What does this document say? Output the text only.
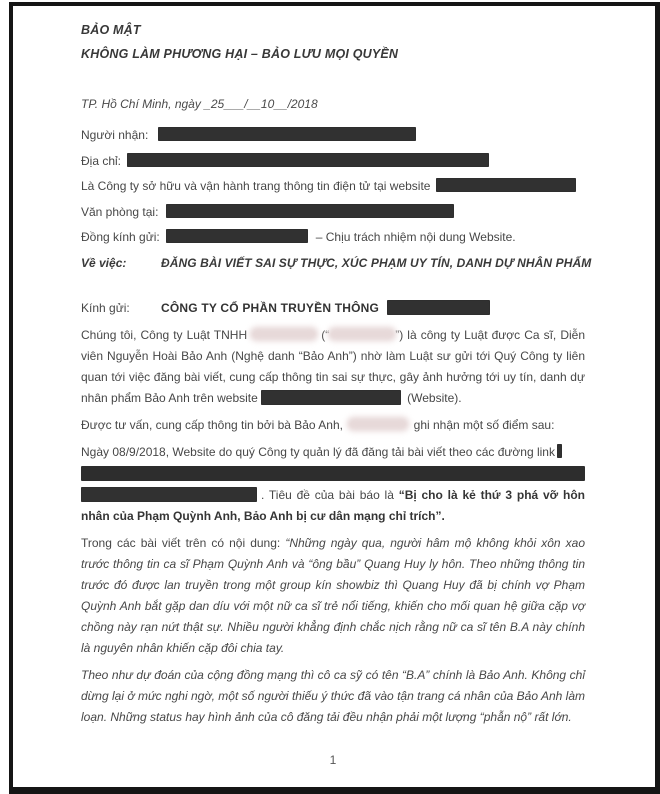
BẢO MẬT
KHÔNG LÀM PHƯƠNG HẠI – BẢO LƯU MỌI QUYỀN
TP. Hồ Chí Minh, ngày _25___/__10__/2018
Người nhận:
Địa chỉ:
Là Công ty sở hữu và vận hành trang thông tin điện tử tại website
Văn phòng tại:
Đồng kính gửi:	– Chịu trách nhiệm nội dung Website.
Về việc:	ĐĂNG BÀI VIẾT SAI SỰ THỰC, XÚC PHẠM UY TÍN, DANH DỰ NHÂN PHẨM
Kính gửi:	CÔNG TY CỔ PHẦN TRUYỀN THÔNG

Chúng tôi, Công ty Luật TNHH	(“	”) là công ty Luật được Ca sĩ, Diễn viên Nguyễn Hoài Bảo Anh (Nghệ danh “Bảo Anh”) nhờ làm Luật sư gửi tới Quý Công ty liên quan tới việc đăng bài viết, cung cấp thông tin sai sự thực, gây ảnh hưởng tới uy tín, danh dự nhân phẩm Bảo Anh trên website	(Website).

Được tư vấn, cung cấp thông tin bởi bà Bảo Anh,	ghi nhận một số điểm sau:

Ngày 08/9/2018, Website do quý Công ty quản lý đã đăng tải bài viết theo các đường link
. Tiêu đề của bài báo là “Bị cho là kẻ thứ 3 phá vỡ hôn nhân của Phạm Quỳnh Anh, Bảo Anh bị cư dân mạng chỉ trích”.

Trong các bài viết trên có nội dung: “Những ngày qua, người hâm mộ không khỏi xôn xao trước thông tin ca sĩ Phạm Quỳnh Anh và “ông bầu” Quang Huy ly hôn. Theo những thông tin trước đó được lan truyền trong một group kín showbiz thì Quang Huy đã bị chính vợ Phạm Quỳnh Anh bắt gặp dan díu với một nữ ca sĩ trẻ nổi tiếng, khiến cho mối quan hệ giữa cặp vợ chồng này rạn nứt thật sự. Nhiều người khẳng định chắc nịch rằng nữ ca sĩ tên B.A này chính là nguyên nhân khiến cặp đôi chia tay.

Theo như dự đoán của cộng đồng mạng thì cô ca sỹ có tên “B.A” chính là Bảo Anh. Không chỉ dừng lại ở mức nghi ngờ, một số người thiếu ý thức đã vào tận trang cá nhân của Bảo Anh làm loạn. Những status hay hình ảnh của cô đăng tải đều nhận phải một lượng “phẫn nộ” rất lớn.

1
